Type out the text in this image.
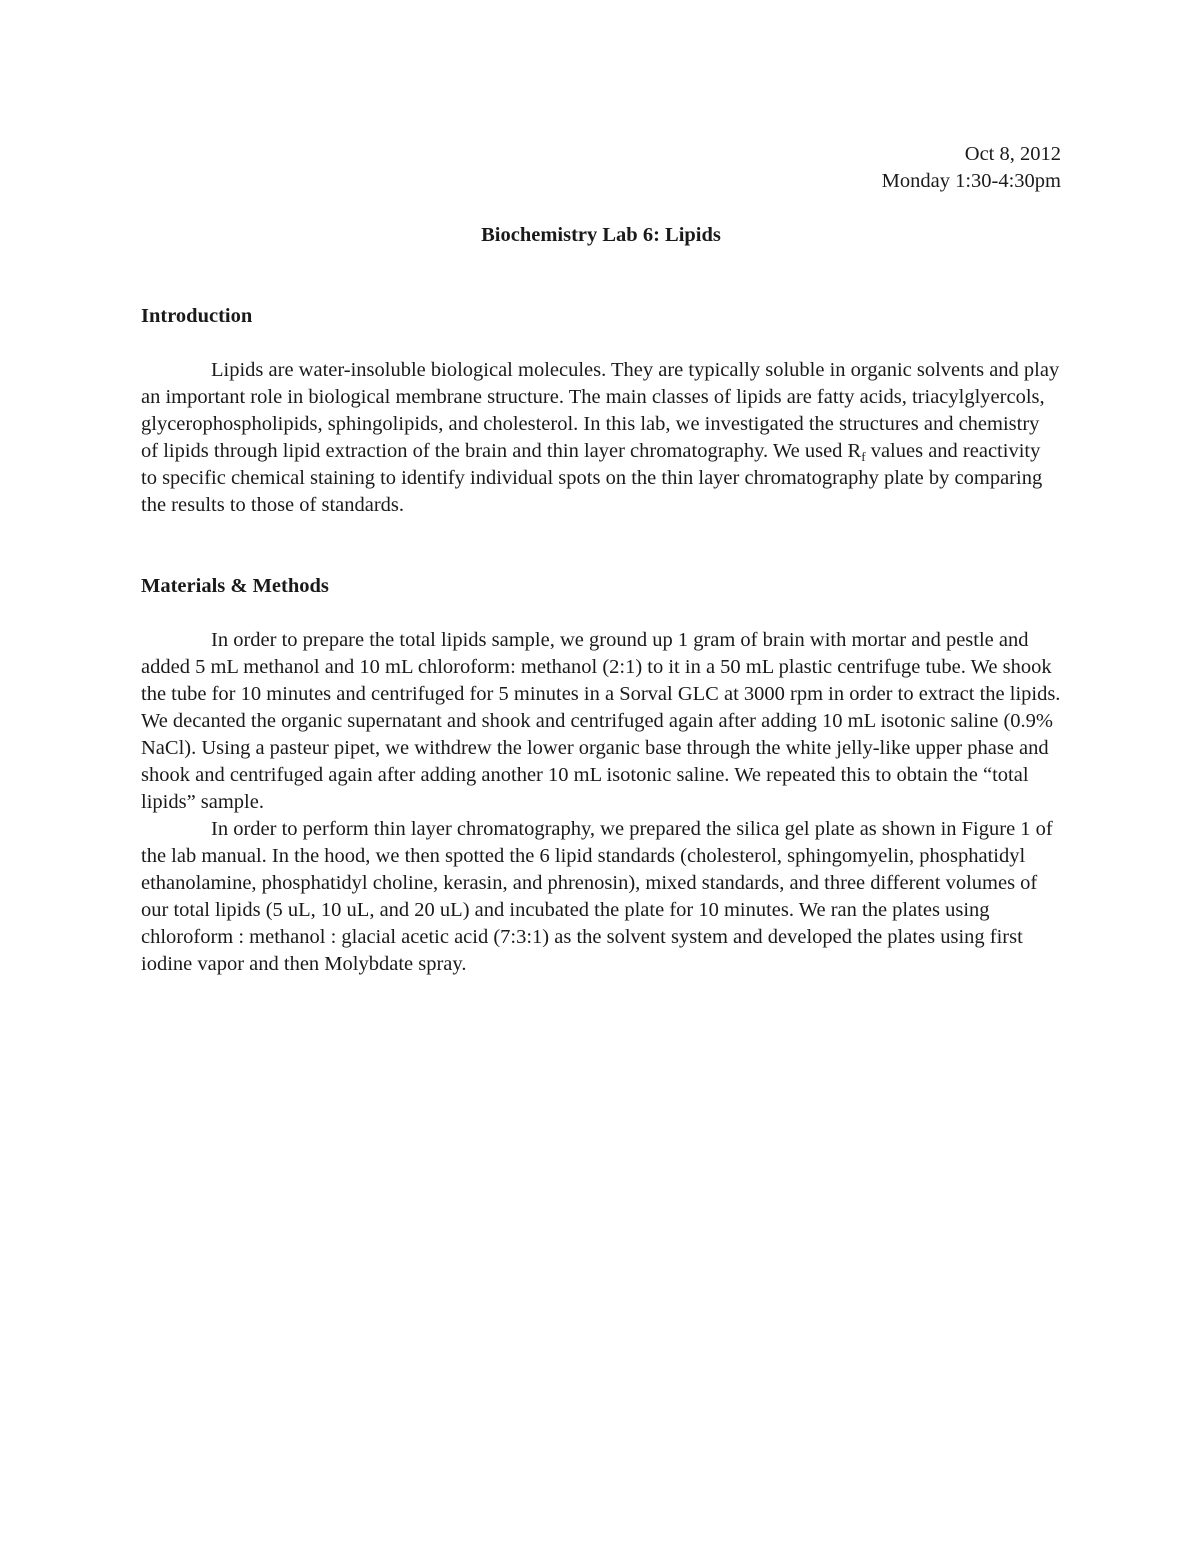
Oct 8, 2012
Monday 1:30-4:30pm
Biochemistry Lab 6: Lipids
Introduction

Lipids are water-insoluble biological molecules. They are typically soluble in organic solvents and play an important role in biological membrane structure. The main classes of lipids are fatty acids, triacylglyercols, glycerophospholipids, sphingolipids, and cholesterol. In this lab, we investigated the structures and chemistry of lipids through lipid extraction of the brain and thin layer chromatography. We used $R_f$ values and reactivity to specific chemical staining to identify individual spots on the thin layer chromatography plate by comparing the results to those of standards.

Materials & Methods

In order to prepare the total lipids sample, we ground up 1 gram of brain with mortar and pestle and added 5 mL methanol and 10 mL chloroform: methanol (2:1) to it in a 50 mL plastic centrifuge tube. We shook the tube for 10 minutes and centrifuged for 5 minutes in a Sorval GLC at 3000 rpm in order to extract the lipids. We decanted the organic supernatant and shook and centrifuged again after adding 10 mL isotonic saline (0.9% NaCl). Using a pasteur pipet, we withdrew the lower organic base through the white jelly-like upper phase and shook and centrifuged again after adding another 10 mL isotonic saline. We repeated this to obtain the “total lipids” sample.

In order to perform thin layer chromatography, we prepared the silica gel plate as shown in Figure 1 of the lab manual. In the hood, we then spotted the 6 lipid standards (cholesterol, sphingomyelin, phosphatidyl ethanolamine, phosphatidyl choline, kerasin, and phrenosin), mixed standards, and three different volumes of our total lipids (5 uL, 10 uL, and 20 uL) and incubated the plate for 10 minutes. We ran the plates using chloroform : methanol : glacial acetic acid (7:3:1) as the solvent system and developed the plates using first iodine vapor and then Molybdate spray.
